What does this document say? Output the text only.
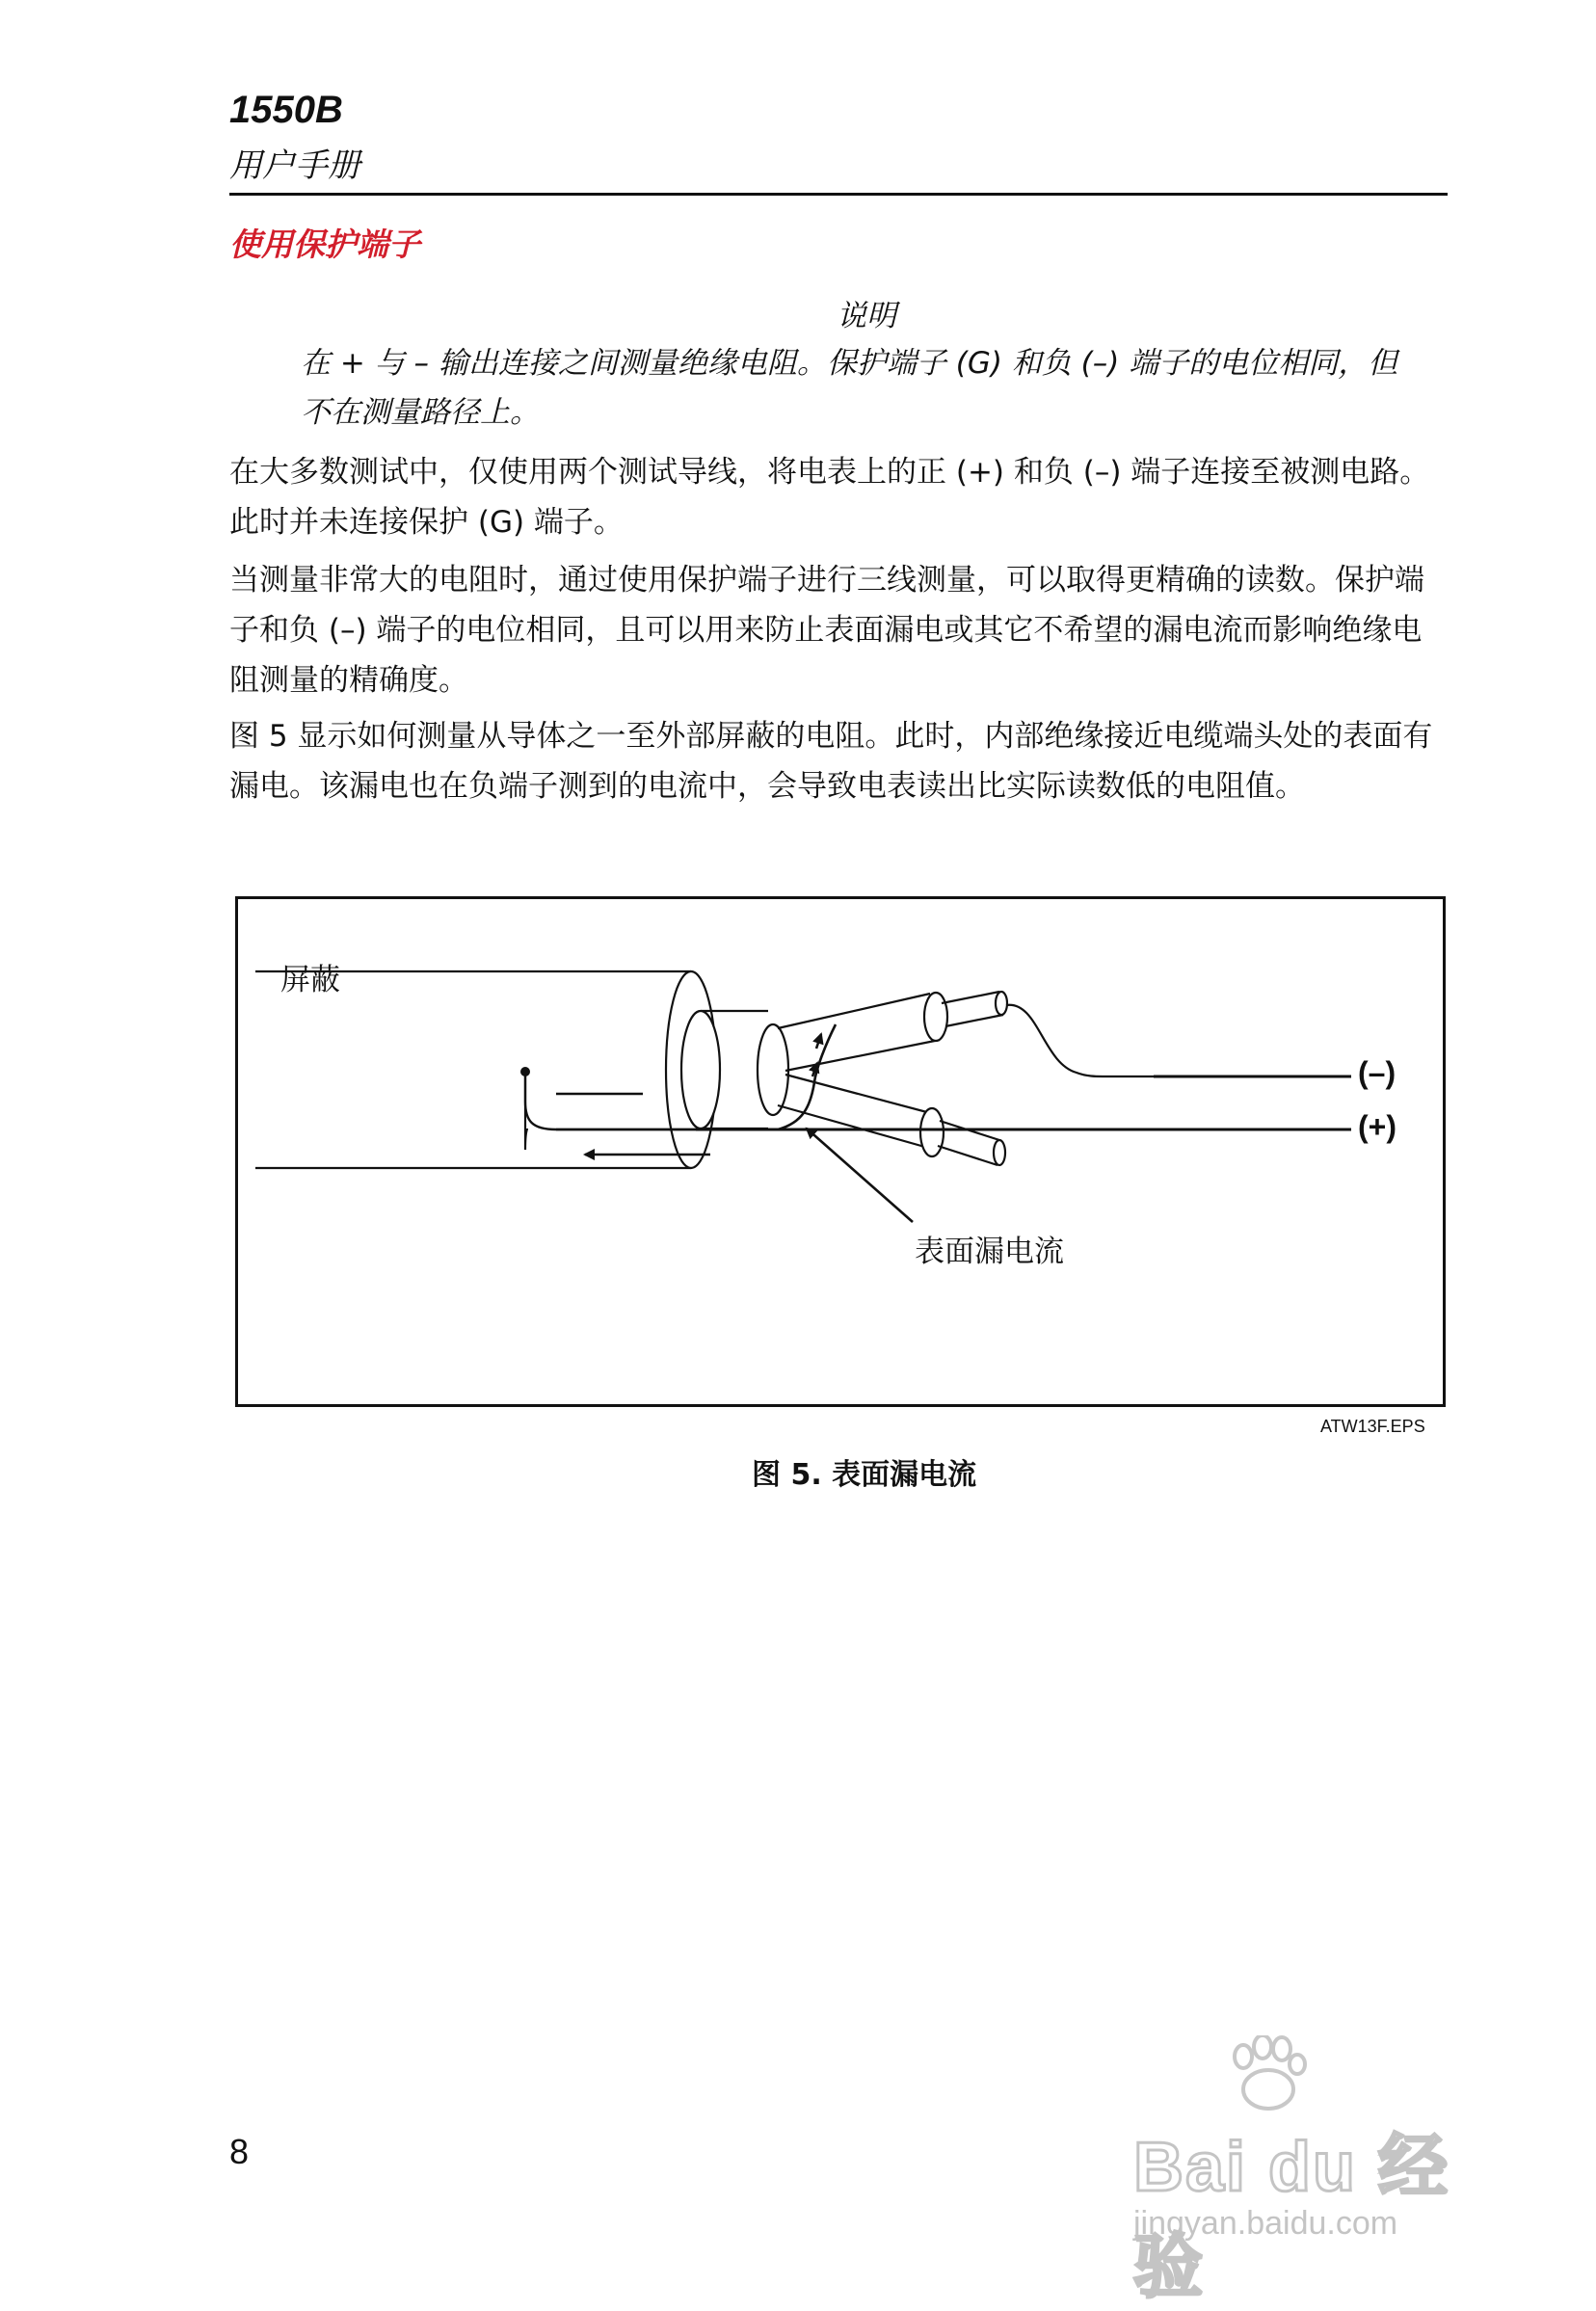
1550B
用户手册
使用保护端子
说明
在 + 与 – 输出连接之间测量绝缘电阻。保护端子 (G) 和负 (–) 端子的电位相同，但不在测量路径上。
在大多数测试中，仅使用两个测试导线，将电表上的正 (+) 和负 (–) 端子连接至被测电路。此时并未连接保护 (G) 端子。
当测量非常大的电阻时，通过使用保护端子进行三线测量，可以取得更精确的读数。保护端子和负 (–) 端子的电位相同，且可以用来防止表面漏电或其它不希望的漏电流而影响绝缘电阻测量的精确度。
图 5 显示如何测量从导体之一至外部屏蔽的电阻。此时，内部绝缘接近电缆端头处的表面有漏电。该漏电也在负端子测到的电流中，会导致电表读出比实际读数低的电阻值。
屏蔽
表面漏电流
(–)
(+)
ATW13F.EPS
图 5. 表面漏电流
8	Bai du 经验
jingyan.baidu.com
